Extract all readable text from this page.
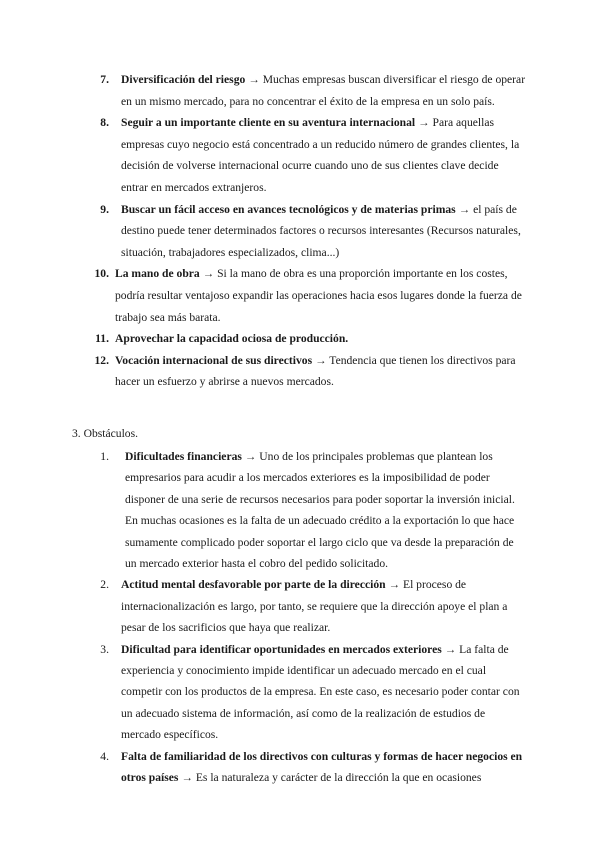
7. Diversificación del riesgo → Muchas empresas buscan diversificar el riesgo de operar en un mismo mercado, para no concentrar el éxito de la empresa en un solo país.
8. Seguir a un importante cliente en su aventura internacional → Para aquellas empresas cuyo negocio está concentrado a un reducido número de grandes clientes, la decisión de volverse internacional ocurre cuando uno de sus clientes clave decide entrar en mercados extranjeros.
9. Buscar un fácil acceso en avances tecnológicos y de materias primas → el país de destino puede tener determinados factores o recursos interesantes (Recursos naturales, situación, trabajadores especializados, clima...)
10. La mano de obra → Si la mano de obra es una proporción importante en los costes, podría resultar ventajoso expandir las operaciones hacia esos lugares donde la fuerza de trabajo sea más barata.
11. Aprovechar la capacidad ociosa de producción.
12. Vocación internacional de sus directivos → Tendencia que tienen los directivos para hacer un esfuerzo y abrirse a nuevos mercados.
3. Obstáculos.
1. Dificultades financieras → Uno de los principales problemas que plantean los empresarios para acudir a los mercados exteriores es la imposibilidad de poder disponer de una serie de recursos necesarios para poder soportar la inversión inicial. En muchas ocasiones es la falta de un adecuado crédito a la exportación lo que hace sumamente complicado poder soportar el largo ciclo que va desde la preparación de un mercado exterior hasta el cobro del pedido solicitado.
2. Actitud mental desfavorable por parte de la dirección → El proceso de internacionalización es largo, por tanto, se requiere que la dirección apoye el plan a pesar de los sacrificios que haya que realizar.
3. Dificultad para identificar oportunidades en mercados exteriores → La falta de experiencia y conocimiento impide identificar un adecuado mercado en el cual competir con los productos de la empresa. En este caso, es necesario poder contar con un adecuado sistema de información, así como de la realización de estudios de mercado específicos.
4. Falta de familiaridad de los directivos con culturas y formas de hacer negocios en otros países → Es la naturaleza y carácter de la dirección la que en ocasiones
